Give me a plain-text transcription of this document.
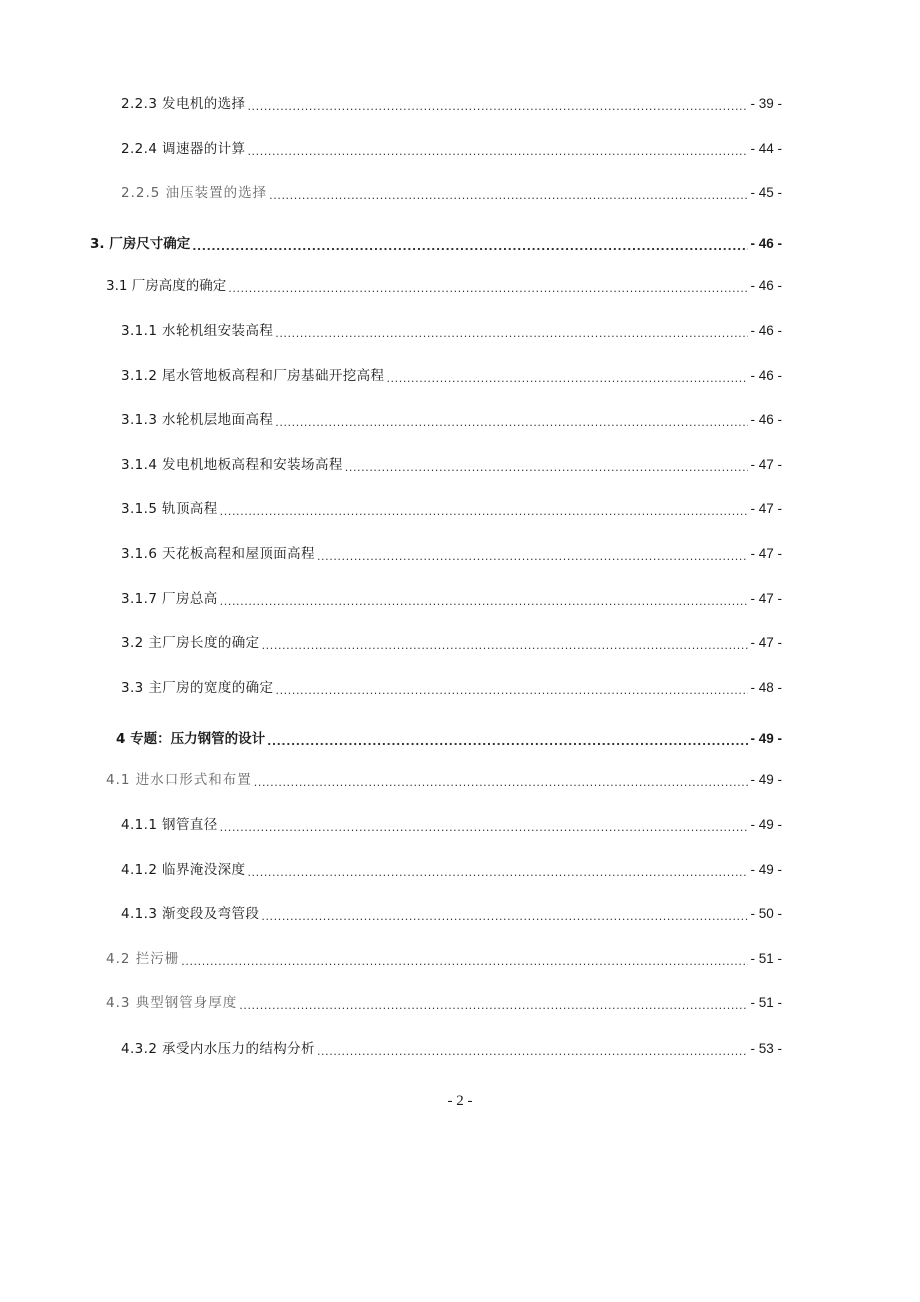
2.2.3 发电机的选择 .....	- 39 -
2.2.4 调速器的计算 .....	- 44 -
2.2.5 油压装置的选择 .....	- 45 -
3. 厂房尺寸确定 .....	- 46 -
3.1 厂房高度的确定 .....	- 46 -
3.1.1 水轮机组安装高程 .....	- 46 -
3.1.2 尾水管地板高程和厂房基础开挖高程 .....	- 46 -
3.1.3 水轮机层地面高程 .....	- 46 -
3.1.4 发电机地板高程和安装场高程 .....	- 47 -
3.1.5 轨顶高程 .....	- 47 -
3.1.6 天花板高程和屋顶面高程 .....	- 47 -
3.1.7 厂房总高 .....	- 47 -
3.2 主厂房长度的确定 .....	- 47 -
3.3 主厂房的宽度的确定 .....	- 48 -
4 专题：压力钢管的设计 .....	- 49 -
4.1 进水口形式和布置 .....	- 49 -
4.1.1 钢管直径 .....	- 49 -
4.1.2 临界淹没深度 .....	- 49 -
4.1.3 渐变段及弯管段 .....	- 50 -
4.2 拦污栅 .....	- 51 -
4.3 典型钢管身厚度 .....	- 51 -
4.3.2 承受内水压力的结构分析 .....	- 53 -
- 2 -
